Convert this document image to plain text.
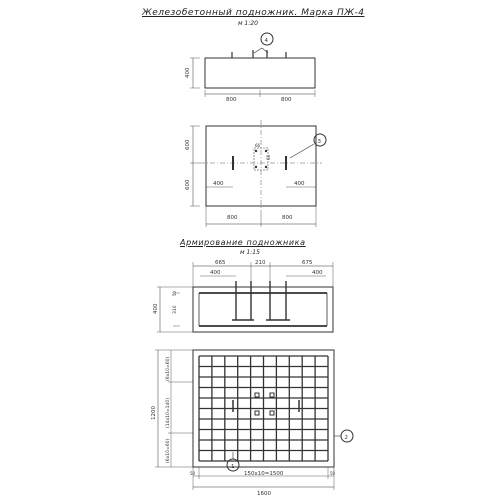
Железобетонный подножник. Марка ПЖ-4
м 1:20
Армирование подножника
м 1:15
4
400
800	800
66
66
3
600
600	400	400
800	800
665	210	675
400	400
400	310
50
1
2
1200
(6x10=60)
(14x10=140)
(6x10=60)
150x10=1500
1600
50	50
